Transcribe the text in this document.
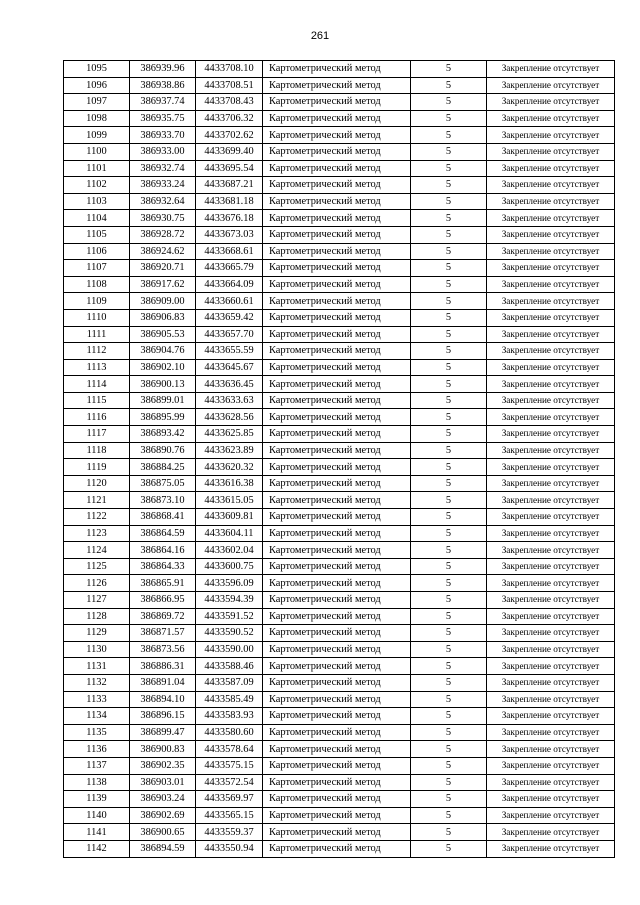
261
1095	386939.96	4433708.10	Картометрический метод	5	Закрепление отсутствует
1096	386938.86	4433708.51	Картометрический метод	5	Закрепление отсутствует
1097	386937.74	4433708.43	Картометрический метод	5	Закрепление отсутствует
1098	386935.75	4433706.32	Картометрический метод	5	Закрепление отсутствует
1099	386933.70	4433702.62	Картометрический метод	5	Закрепление отсутствует
1100	386933.00	4433699.40	Картометрический метод	5	Закрепление отсутствует
1101	386932.74	4433695.54	Картометрический метод	5	Закрепление отсутствует
1102	386933.24	4433687.21	Картометрический метод	5	Закрепление отсутствует
1103	386932.64	4433681.18	Картометрический метод	5	Закрепление отсутствует
1104	386930.75	4433676.18	Картометрический метод	5	Закрепление отсутствует
1105	386928.72	4433673.03	Картометрический метод	5	Закрепление отсутствует
1106	386924.62	4433668.61	Картометрический метод	5	Закрепление отсутствует
1107	386920.71	4433665.79	Картометрический метод	5	Закрепление отсутствует
1108	386917.62	4433664.09	Картометрический метод	5	Закрепление отсутствует
1109	386909.00	4433660.61	Картометрический метод	5	Закрепление отсутствует
1110	386906.83	4433659.42	Картометрический метод	5	Закрепление отсутствует
1111	386905.53	4433657.70	Картометрический метод	5	Закрепление отсутствует
1112	386904.76	4433655.59	Картометрический метод	5	Закрепление отсутствует
1113	386902.10	4433645.67	Картометрический метод	5	Закрепление отсутствует
1114	386900.13	4433636.45	Картометрический метод	5	Закрепление отсутствует
1115	386899.01	4433633.63	Картометрический метод	5	Закрепление отсутствует
1116	386895.99	4433628.56	Картометрический метод	5	Закрепление отсутствует
1117	386893.42	4433625.85	Картометрический метод	5	Закрепление отсутствует
1118	386890.76	4433623.89	Картометрический метод	5	Закрепление отсутствует
1119	386884.25	4433620.32	Картометрический метод	5	Закрепление отсутствует
1120	386875.05	4433616.38	Картометрический метод	5	Закрепление отсутствует
1121	386873.10	4433615.05	Картометрический метод	5	Закрепление отсутствует
1122	386868.41	4433609.81	Картометрический метод	5	Закрепление отсутствует
1123	386864.59	4433604.11	Картометрический метод	5	Закрепление отсутствует
1124	386864.16	4433602.04	Картометрический метод	5	Закрепление отсутствует
1125	386864.33	4433600.75	Картометрический метод	5	Закрепление отсутствует
1126	386865.91	4433596.09	Картометрический метод	5	Закрепление отсутствует
1127	386866.95	4433594.39	Картометрический метод	5	Закрепление отсутствует
1128	386869.72	4433591.52	Картометрический метод	5	Закрепление отсутствует
1129	386871.57	4433590.52	Картометрический метод	5	Закрепление отсутствует
1130	386873.56	4433590.00	Картометрический метод	5	Закрепление отсутствует
1131	386886.31	4433588.46	Картометрический метод	5	Закрепление отсутствует
1132	386891.04	4433587.09	Картометрический метод	5	Закрепление отсутствует
1133	386894.10	4433585.49	Картометрический метод	5	Закрепление отсутствует
1134	386896.15	4433583.93	Картометрический метод	5	Закрепление отсутствует
1135	386899.47	4433580.60	Картометрический метод	5	Закрепление отсутствует
1136	386900.83	4433578.64	Картометрический метод	5	Закрепление отсутствует
1137	386902.35	4433575.15	Картометрический метод	5	Закрепление отсутствует
1138	386903.01	4433572.54	Картометрический метод	5	Закрепление отсутствует
1139	386903.24	4433569.97	Картометрический метод	5	Закрепление отсутствует
1140	386902.69	4433565.15	Картометрический метод	5	Закрепление отсутствует
1141	386900.65	4433559.37	Картометрический метод	5	Закрепление отсутствует
1142	386894.59	4433550.94	Картометрический метод	5	Закрепление отсутствует
